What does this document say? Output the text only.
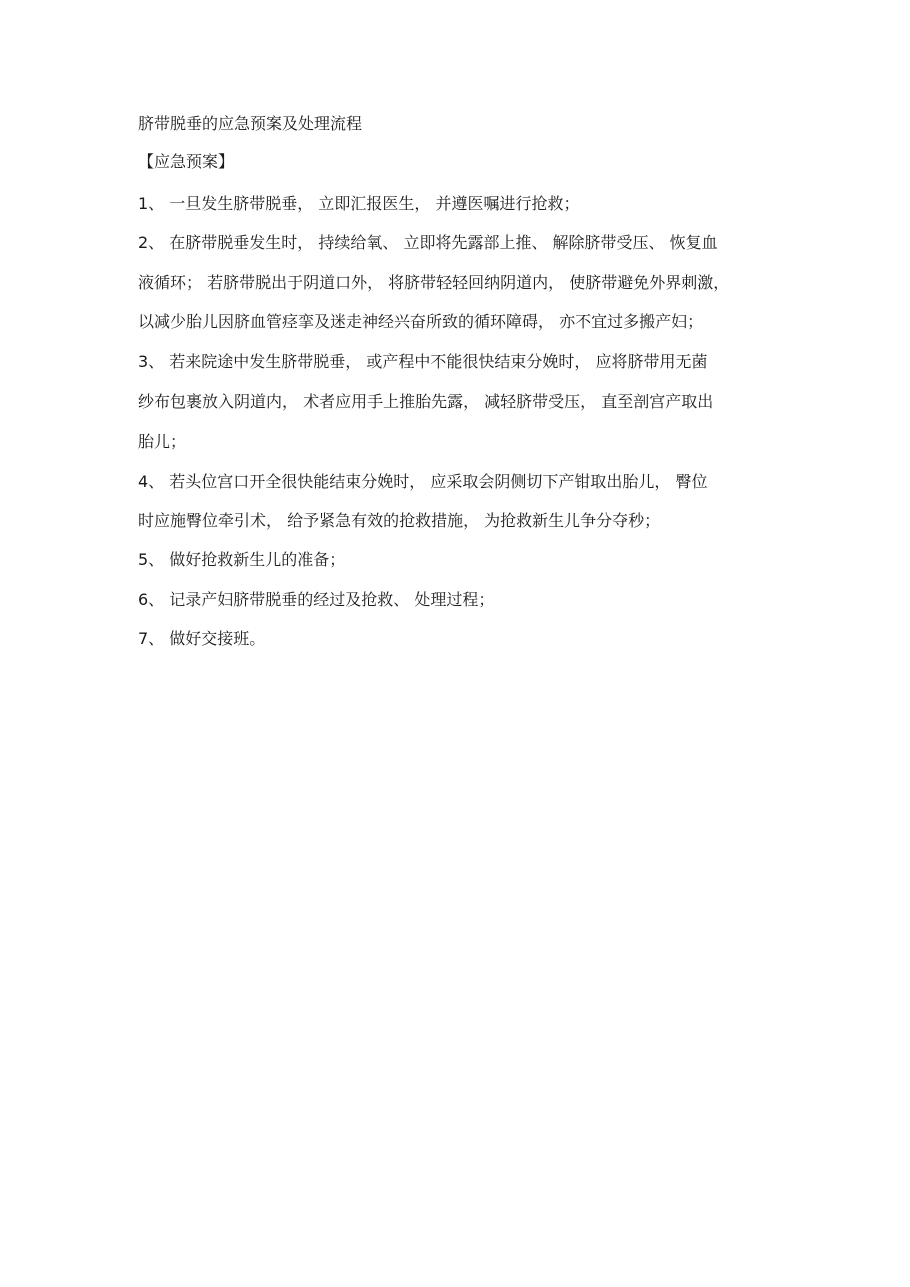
脐带脱垂的应急预案及处理流程
【应急预案】
1、 一旦发生脐带脱垂， 立即汇报医生， 并遵医嘱进行抢救；
2、 在脐带脱垂发生时， 持续给氧、 立即将先露部上推、 解除脐带受压、 恢复血
液循环； 若脐带脱出于阴道口外， 将脐带轻轻回纳阴道内， 使脐带避免外界刺激，
以减少胎儿因脐血管痉挛及迷走神经兴奋所致的循环障碍， 亦不宜过多搬产妇；
3、 若来院途中发生脐带脱垂， 或产程中不能很快结束分娩时， 应将脐带用无菌
纱布包裹放入阴道内， 术者应用手上推胎先露， 减轻脐带受压， 直至剖宫产取出
胎儿；
4、 若头位宫口开全很快能结束分娩时， 应采取会阴侧切下产钳取出胎儿， 臀位
时应施臀位牵引术， 给予紧急有效的抢救措施， 为抢救新生儿争分夺秒；
5、 做好抢救新生儿的准备；
6、 记录产妇脐带脱垂的经过及抢救、 处理过程；
7、 做好交接班。
